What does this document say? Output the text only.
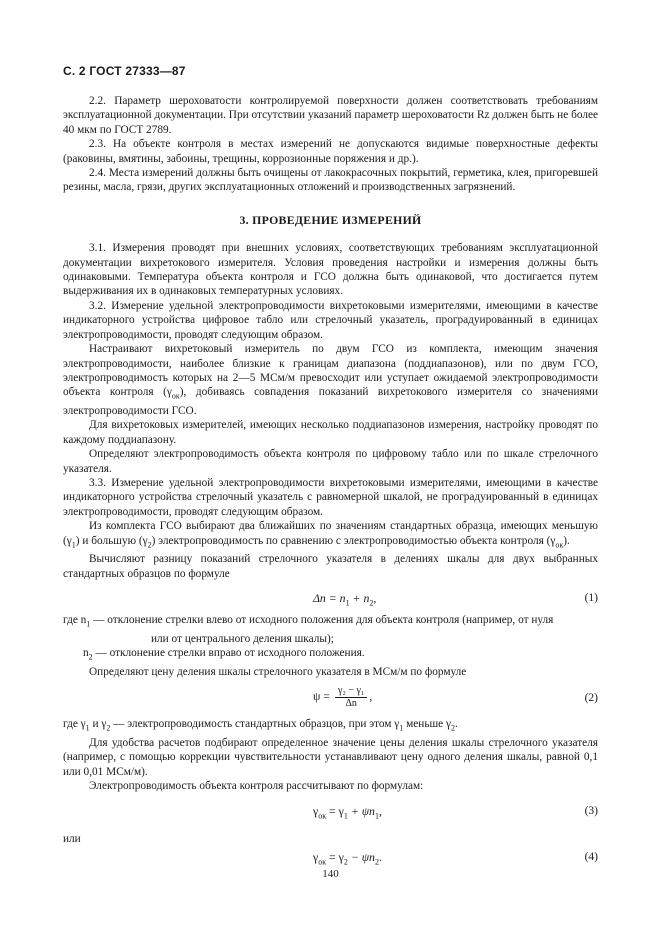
С. 2 ГОСТ 27333—87

2.2. Параметр шероховатости контролируемой поверхности должен соответствовать требованиям эксплуатационной документации. При отсутствии указаний параметр шероховатости Rz должен быть не более 40 мкм по ГОСТ 2789.

2.3. На объекте контроля в местах измерений не допускаются видимые поверхностные дефекты (раковины, вмятины, забоины, трещины, коррозионные поряжения и др.).

2.4. Места измерений должны быть очищены от лакокрасочных покрытий, герметика, клея, пригоревшей резины, масла, грязи, других эксплуатационных отложений и производственных загрязнений.

3. ПРОВЕДЕНИЕ ИЗМЕРЕНИЙ

3.1. Измерения проводят при внешних условиях, соответствующих требованиям эксплуатационной документации вихретокового измерителя. Условия проведения настройки и измерения должны быть одинаковыми. Температура объекта контроля и ГСО должна быть одинаковой, что достигается путем выдерживания их в одинаковых температурных условиях.

3.2. Измерение удельной электропроводимости вихретоковыми измерителями, имеющими в качестве индикаторного устройства цифровое табло или стрелочный указатель, проградуированный в единицах электропроводимости, проводят следующим образом.

Настраивают вихретоковый измеритель по двум ГСО из комплекта, имеющим значения электропроводимости, наиболее близкие к границам диапазона (поддиапазонов), или по двум ГСО, электропроводимость которых на 2—5 МСм/м превосходит или уступает ожидаемой электропроводимости объекта контроля $(\gamma_{ок})$, добиваясь совпадения показаний вихретокового измерителя со значениями электропроводимости ГСО.

Для вихретоковых измерителей, имеющих несколько поддиапазонов измерения, настройку проводят по каждому поддиапазону.

Определяют электропроводимость объекта контроля по цифровому табло или по шкале стрелочного указателя.

3.3. Измерение удельной электропроводимости вихретоковыми измерителями, имеющими в качестве индикаторного устройства стрелочный указатель с равномерной шкалой, не проградуированный в единицах электропроводимости, проводят следующим образом.

Из комплекта ГСО выбирают два ближайших по значениям стандартных образца, имеющих меньшую $(\gamma_1)$ и большую $(\gamma_2)$ электропроводимость по сравнению с электропроводимостью объекта контроля $(\gamma_{ок})$.

Вычисляют разницу показаний стрелочного указателя в делениях шкалы для двух выбранных стандартных образцов по формуле

$\Delta n = n_1 + n_2$,	(1)

где $n_1$ — отклонение стрелки влево от исходного положения для объекта контроля (например, от нуля

или от центрального деления шкалы);

$n_2$ — отклонение стрелки вправо от исходного положения.

Определяют цену деления шкалы стрелочного указателя в МСм/м по формуле

$\psi = \frac{\text{γ₂ − γ₁}}{\Delta n}$ ,	(2)

где $\gamma_1$ и $\gamma_2$ — электропроводимость стандартных образцов, при этом $\gamma_1$ меньше $\gamma_2$.

Для удобства расчетов подбирают определенное значение цены деления шкалы стрелочного указателя (например, с помощью коррекции чувствительности устанавливают цену одного деления шкалы, равной 0,1 или 0,01 МСм/м).

Электропроводимость объекта контроля рассчитывают по формулам:

$\gamma_{ок} = \gamma_1 + \psi n_1$,	(3)

или

$\gamma_{ок} = \gamma_2 - \psi n_2$.	(4)
140
